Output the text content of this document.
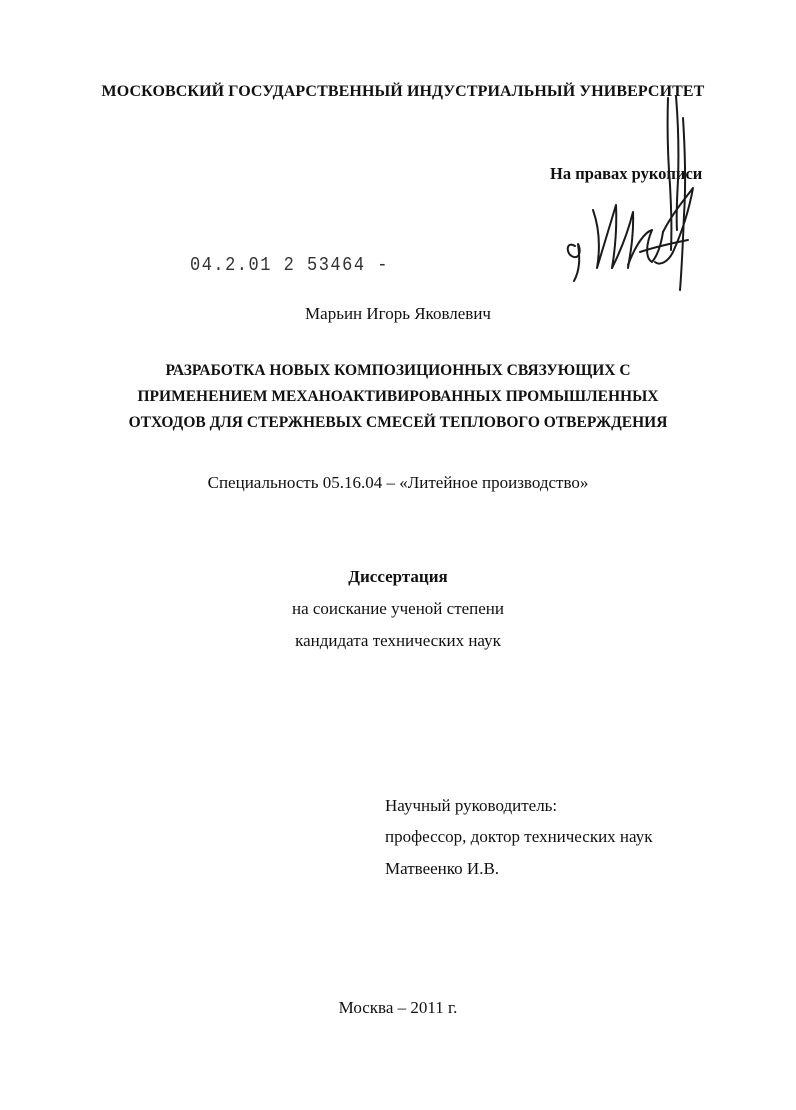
МОСКОВСКИЙ ГОСУДАРСТВЕННЫЙ ИНДУСТРИАЛЬНЫЙ УНИВЕРСИТЕТ
На правах рукописи
04.2.01 2 53464 -
Марьин Игорь Яковлевич
РАЗРАБОТКА НОВЫХ КОМПОЗИЦИОННЫХ СВЯЗУЮЩИХ С
ПРИМЕНЕНИЕМ МЕХАНОАКТИВИРОВАННЫХ ПРОМЫШЛЕННЫХ
ОТХОДОВ ДЛЯ СТЕРЖНЕВЫХ СМЕСЕЙ ТЕПЛОВОГО ОТВЕРЖДЕНИЯ
Специальность 05.16.04 – «Литейное производство»
Диссертация
на соискание ученой степени
кандидата технических наук
Научный руководитель:
профессор, доктор технических наук
Матвеенко И.В.
Москва – 2011 г.
